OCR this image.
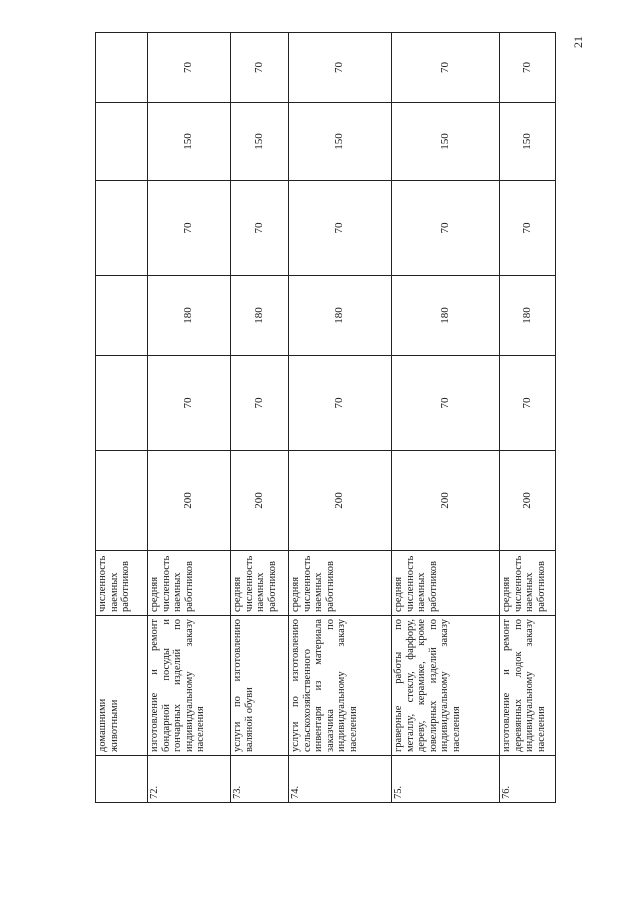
21

	домашними
животными	численность
наемных
работников						

72.	изготовление и ремонт бондарной посуды и гончарных изделий по индивидуальному заказу населения	средняя
численность
наемных
работников	200	70	180	70	150	70
73.	услуги по изготовлению валяной обуви	средняя
численность
наемных
работников	200	70	180	70	150	70
74.	услуги по изготовлению сельскохозяйственного инвентаря из материала заказчика по индивидуальному заказу населения	средняя
численность
наемных
работников	200	70	180	70	150	70
75.	граверные работы по металлу, стеклу, фарфору, дереву, керамике, кроме ювелирных изделий по индивидуальному заказу населения	средняя
численность
наемных
работников	200	70	180	70	150	70
76.	изготовление и ремонт деревянных лодок по индивидуальному заказу населения	средняя
численность
наемных
работников	200	70	180	70	150	70
